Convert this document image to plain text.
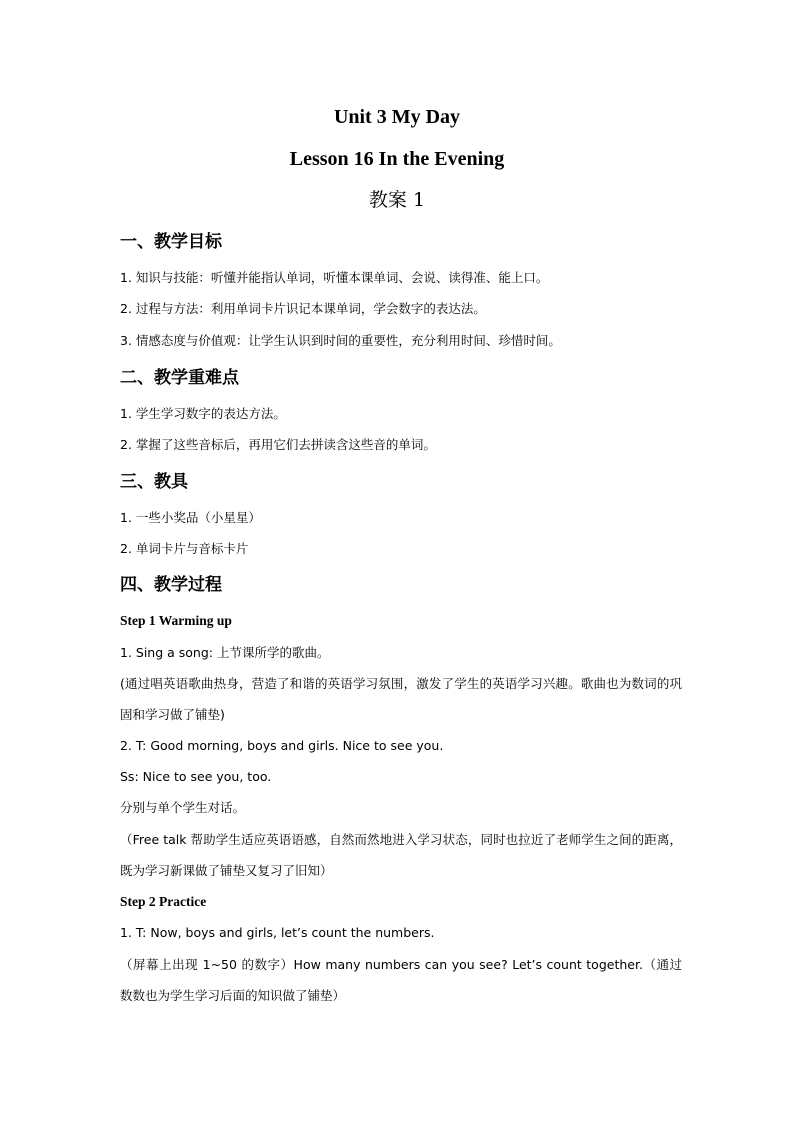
Unit 3 My Day
Lesson 16 In the Evening
教案 1
一、教学目标
1. 知识与技能：听懂并能指认单词，听懂本课单词、会说、读得准、能上口。
2. 过程与方法：利用单词卡片识记本课单词，学会数字的表达法。
3. 情感态度与价值观：让学生认识到时间的重要性，充分利用时间、珍惜时间。
二、教学重难点
1. 学生学习数字的表达方法。
2. 掌握了这些音标后，再用它们去拼读含这些音的单词。
三、教具
1. 一些小奖品（小星星）
2. 单词卡片与音标卡片
四、教学过程
Step 1 Warming up
1. Sing a song: 上节课所学的歌曲。
(通过唱英语歌曲热身，营造了和谐的英语学习氛围，激发了学生的英语学习兴趣。歌曲也为数词的巩固和学习做了铺垫)
2. T: Good morning, boys and girls. Nice to see you.
Ss: Nice to see you, too.
分别与单个学生对话。
（Free talk 帮助学生适应英语语感，自然而然地进入学习状态，同时也拉近了老师学生之间的距离，既为学习新课做了铺垫又复习了旧知）
Step 2 Practice
1. T: Now, boys and girls, let’s count the numbers.
（屏幕上出现 1~50 的数字）How many numbers can you see? Let’s count together.（通过数数也为学生学习后面的知识做了铺垫）
